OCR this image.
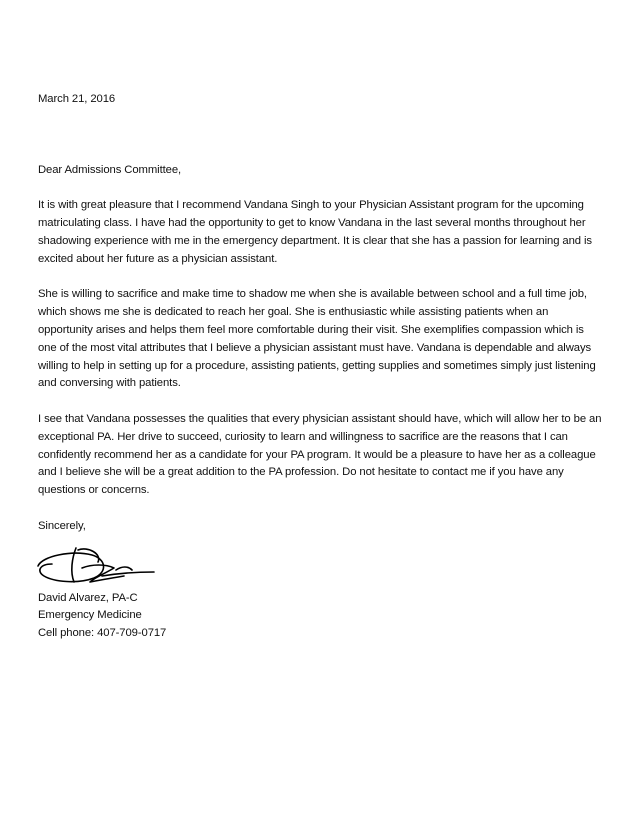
March 21, 2016

Dear Admissions Committee,

It is with great pleasure that I recommend Vandana Singh to your Physician Assistant program for the upcoming matriculating class. I have had the opportunity to get to know Vandana in the last several months throughout her shadowing experience with me in the emergency department. It is clear that she has a passion for learning and is excited about her future as a physician assistant.

She is willing to sacrifice and make time to shadow me when she is available between school and a full time job, which shows me she is dedicated to reach her goal. She is enthusiastic while assisting patients when an opportunity arises and helps them feel more comfortable during their visit. She exemplifies compassion which is one of the most vital attributes that I believe a physician assistant must have. Vandana is dependable and always willing to help in setting up for a procedure, assisting patients, getting supplies and sometimes simply just listening and conversing with patients.

I see that Vandana possesses the qualities that every physician assistant should have, which will allow her to be an exceptional PA. Her drive to succeed, curiosity to learn and willingness to sacrifice are the reasons that I can confidently recommend her as a candidate for your PA program. It would be a pleasure to have her as a colleague and I believe she will be a great addition to the PA profession. Do not hesitate to contact me if you have any questions or concerns.

Sincerely,

David Alvarez, PA-C

Emergency Medicine

Cell phone: 407-709-0717
